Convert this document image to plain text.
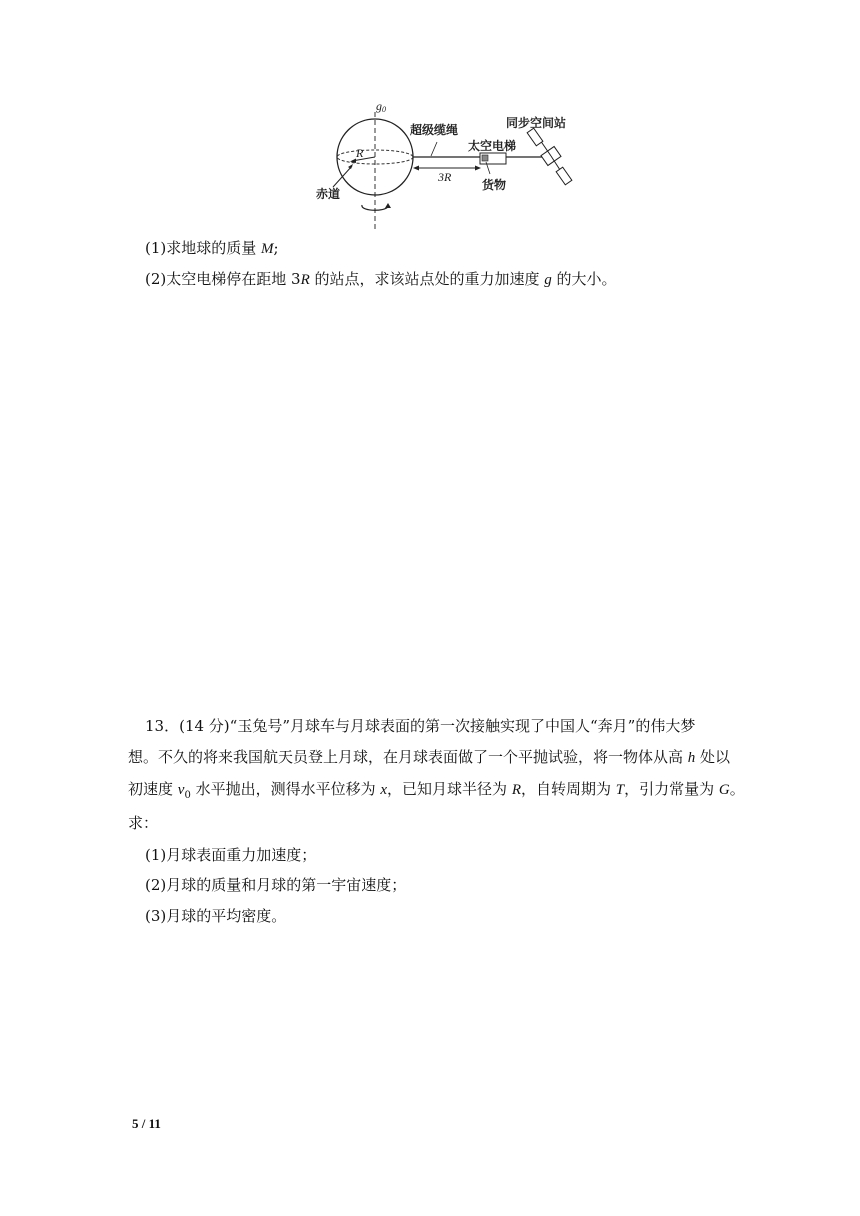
g0
R
超级缆绳
太空电梯
同步空间站
3R
货物
赤道
(1)求地球的质量 M;
(2)太空电梯停在距地 3R 的站点，求该站点处的重力加速度 g 的大小。
13．(14 分)“玉兔号”月球车与月球表面的第一次接触实现了中国人“奔月”的伟大梦
想。不久的将来我国航天员登上月球，在月球表面做了一个平抛试验，将一物体从高 h 处以
初速度 $v_0$ 水平抛出，测得水平位移为 x，已知月球半径为 R，自转周期为 T，引力常量为 G。
求：
(1)月球表面重力加速度；
(2)月球的质量和月球的第一宇宙速度；
(3)月球的平均密度。
5 / 11
